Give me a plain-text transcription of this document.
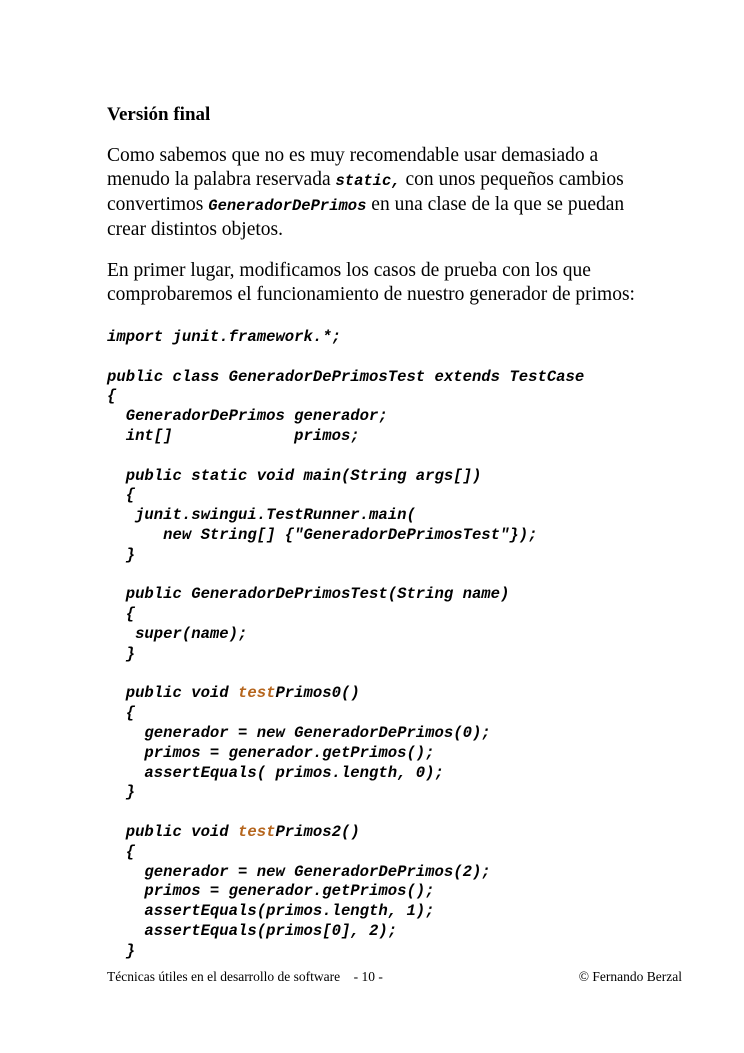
Versión final
Como sabemos que no es muy recomendable usar demasiado a
menudo la palabra reservada static, con unos pequeños cambios
convertimos GeneradorDePrimos en una clase de la que se puedan
crear distintos objetos.
En primer lugar, modificamos los casos de prueba con los que
comprobaremos el funcionamiento de nuestro generador de primos:
import junit.framework.*;
public class GeneradorDePrimosTest extends TestCase
{
GeneradorDePrimos generador;
int[]             primos;
public static void main(String args[])
{
junit.swingui.TestRunner.main(
new String[] {"GeneradorDePrimosTest"});
}
public GeneradorDePrimosTest(String name)
{
super(name);
}
public void testPrimos0()
{
generador = new GeneradorDePrimos(0);
primos = generador.getPrimos();
assertEquals( primos.length, 0);
}
public void testPrimos2()
{
generador = new GeneradorDePrimos(2);
primos = generador.getPrimos();
assertEquals(primos.length, 1);
assertEquals(primos[0], 2);
}
Técnicas útiles en el desarrollo de software    - 10 -	© Fernando Berzal
